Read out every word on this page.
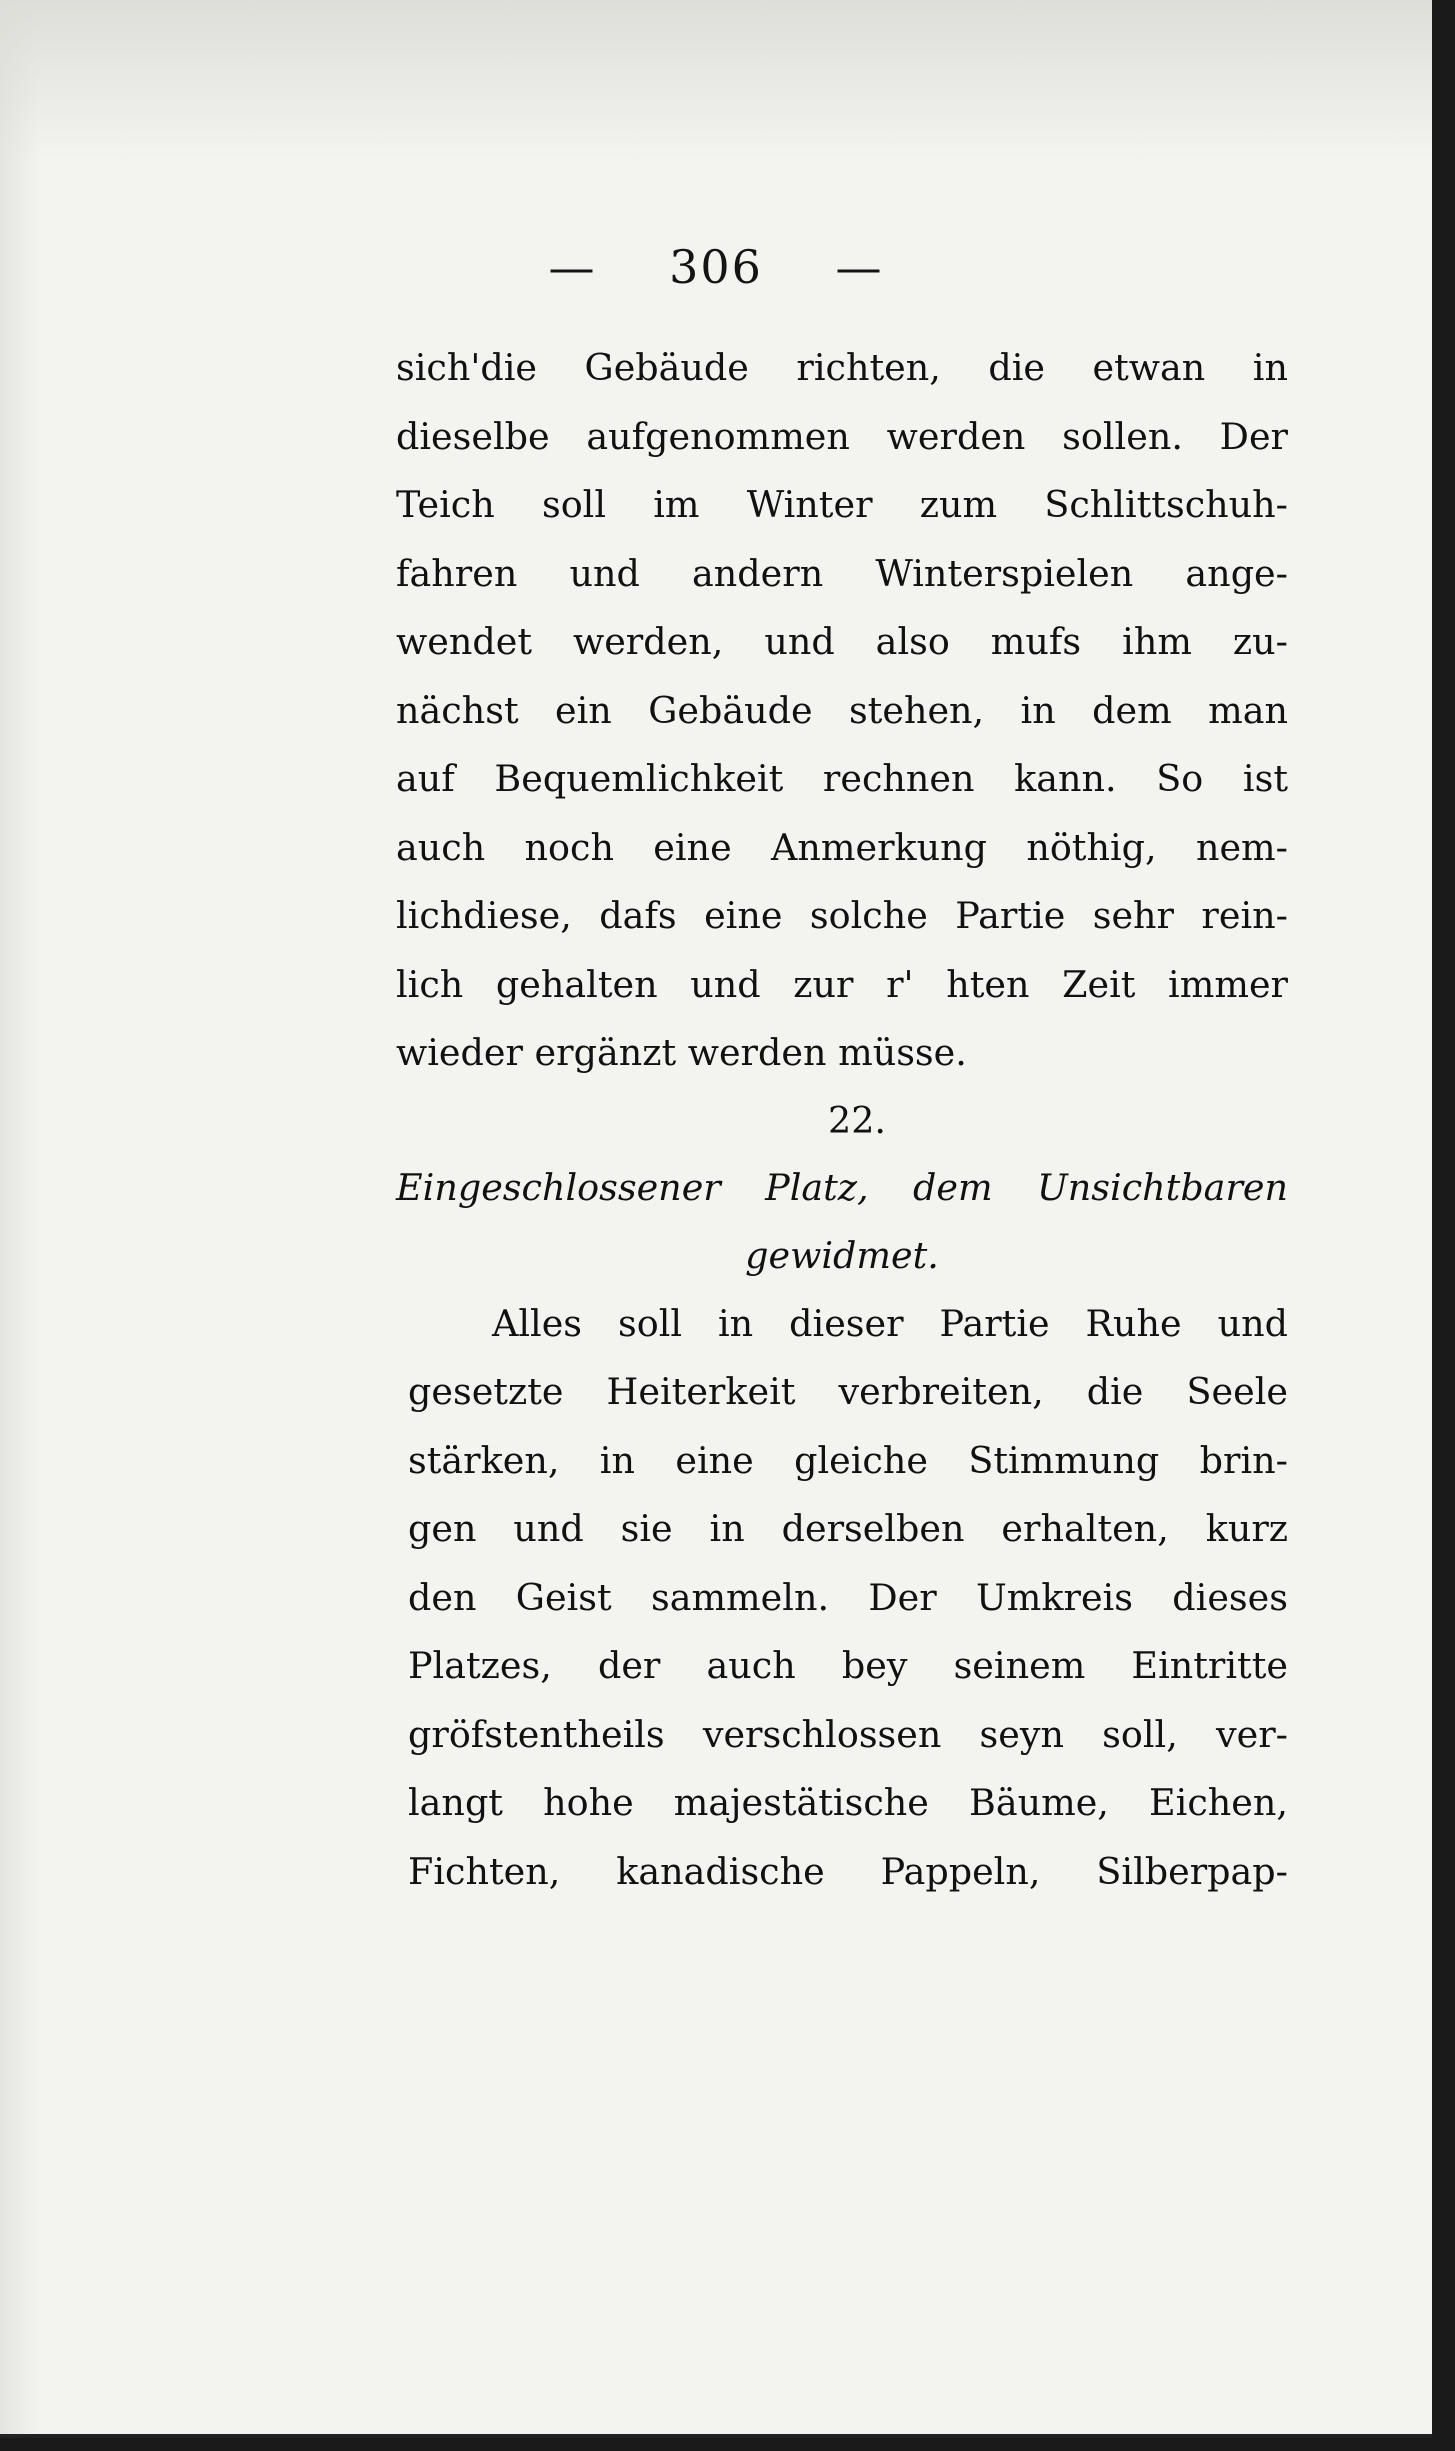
— 306 —
sich'die Gebäude richten, die etwan in
dieselbe aufgenommen werden sollen. Der
Teich soll im Winter zum Schlittschuh-
fahren und andern Winterspielen ange-
wendet werden, und also mufs ihm zu-
nächst ein Gebäude stehen, in dem man
auf Bequemlichkeit rechnen kann. So ist
auch noch eine Anmerkung nöthig, nem-
lichdiese, dafs eine solche Partie sehr rein-
lich gehalten und zur r' hten Zeit immer
wieder ergänzt werden müsse.
22.
Eingeschlossener Platz, dem Unsichtbaren
gewidmet.
Alles soll in dieser Partie Ruhe und
gesetzte Heiterkeit verbreiten, die Seele
stärken, in eine gleiche Stimmung brin-
gen und sie in derselben erhalten, kurz
den Geist sammeln. Der Umkreis dieses
Platzes, der auch bey seinem Eintritte
gröfstentheils verschlossen seyn soll, ver-
langt hohe majestätische Bäume, Eichen,
Fichten, kanadische Pappeln, Silberpap-
